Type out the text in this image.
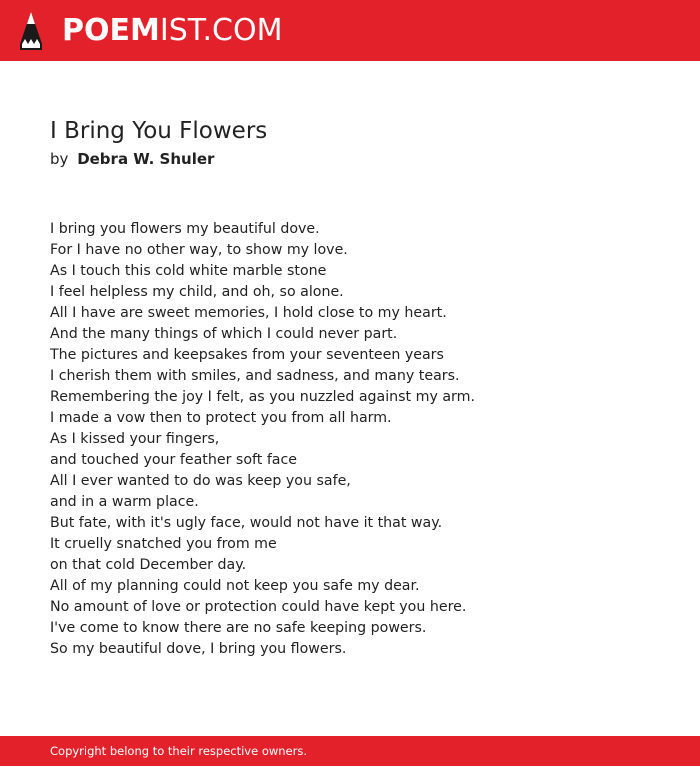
POEMIST.COM
I Bring You Flowers
by Debra W. Shuler
I bring you flowers my beautiful dove.
For I have no other way, to show my love.
As I touch this cold white marble stone
I feel helpless my child, and oh, so alone.
All I have are sweet memories, I hold close to my heart.
And the many things of which I could never part.
The pictures and keepsakes from your seventeen years
I cherish them with smiles, and sadness, and many tears.
Remembering the joy I felt, as you nuzzled against my arm.
I made a vow then to protect you from all harm.
As I kissed your fingers,
and touched your feather soft face
All I ever wanted to do was keep you safe,
and in a warm place.
But fate, with it's ugly face, would not have it that way.
It cruelly snatched you from me
on that cold December day.
All of my planning could not keep you safe my dear.
No amount of love or protection could have kept you here.
I've come to know there are no safe keeping powers.
So my beautiful dove, I bring you flowers.
Copyright belong to their respective owners.
